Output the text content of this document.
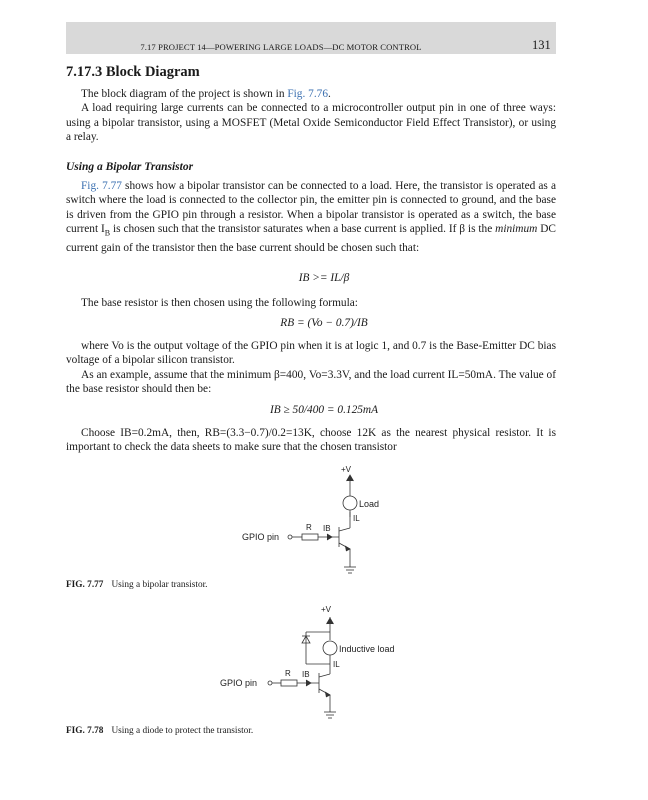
7.17 PROJECT 14—POWERING LARGE LOADS—DC MOTOR CONTROL	131
7.17.3 Block Diagram

The block diagram of the project is shown in Fig. 7.76.

A load requiring large currents can be connected to a microcontroller output pin in one of three ways: using a bipolar transistor, using a MOSFET (Metal Oxide Semiconductor Field Effect Transistor), or using a relay.

Using a Bipolar Transistor

Fig. 7.77 shows how a bipolar transistor can be connected to a load. Here, the transistor is operated as a switch where the load is connected to the collector pin, the emitter pin is connected to ground, and the base is driven from the GPIO pin through a resistor. When a bipolar transistor is operated as a switch, the base current $I_B$ is chosen such that the transistor saturates when a base current is applied. If β is the minimum DC current gain of the transistor then the base current should be chosen such that:

IB >= IL/β

The base resistor is then chosen using the following formula:

RB = (Vo − 0.7)/IB

where Vo is the output voltage of the GPIO pin when it is at logic 1, and 0.7 is the Base-Emitter DC bias voltage of a bipolar silicon transistor.

As an example, assume that the minimum β=400, Vo=3.3V, and the load current IL=50mA. The value of the base resistor should then be:

IB ≥ 50/400 = 0.125mA

Choose IB=0.2mA, then, RB=(3.3−0.7)/0.2=13K, choose 12K as the nearest physical resistor. It is important to check the data sheets to make sure that the chosen transistor

+V
Load
IL
R IB
GPIO pin
FIG. 7.77 Using a bipolar transistor.
+V
Inductive load
IL
R IB
GPIO pin
FIG. 7.78 Using a diode to protect the transistor.
